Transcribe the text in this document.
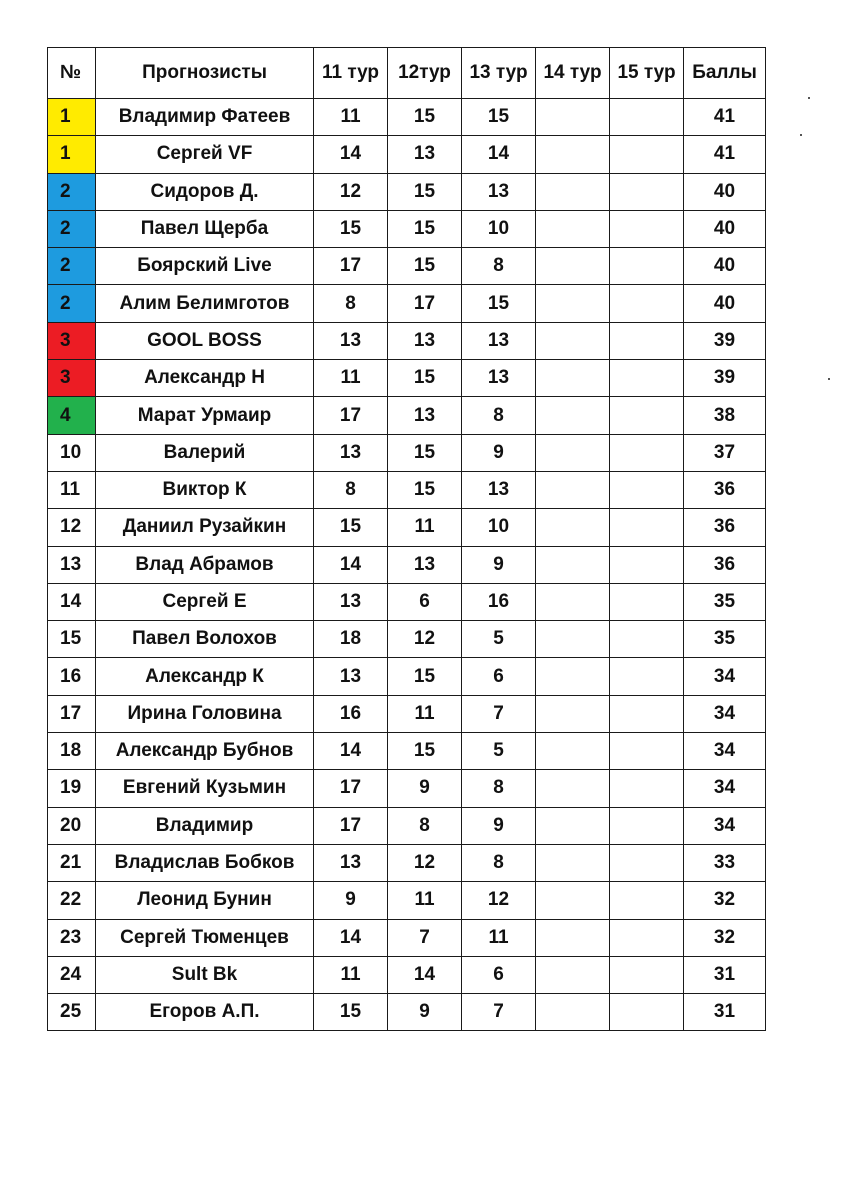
№	Прогнозисты	11 тур	12тур	13 тур	14 тур	15 тур	Баллы
1	Владимир Фатеев	11	15	15			41
1	Сергей VF	14	13	14			41
2	Сидоров Д.	12	15	13			40
2	Павел Щерба	15	15	10			40
2	Боярский Live	17	15	8			40
2	Алим Белимготов	8	17	15			40
3	GOOL BOSS	13	13	13			39
3	Александр Н	11	15	13			39
4	Марат Урмаир	17	13	8			38
10	Валерий	13	15	9			37
11	Виктор К	8	15	13			36
12	Даниил Рузайкин	15	11	10			36
13	Влад Абрамов	14	13	9			36
14	Сергей Е	13	6	16			35
15	Павел Волохов	18	12	5			35
16	Александр К	13	15	6			34
17	Ирина Головина	16	11	7			34
18	Александр Бубнов	14	15	5			34
19	Евгений Кузьмин	17	9	8			34
20	Владимир	17	8	9			34
21	Владислав Бобков	13	12	8			33
22	Леонид Бунин	9	11	12			32
23	Сергей Тюменцев	14	7	11			32
24	Sult Bk	11	14	6			31
25	Егоров А.П.	15	9	7			31
